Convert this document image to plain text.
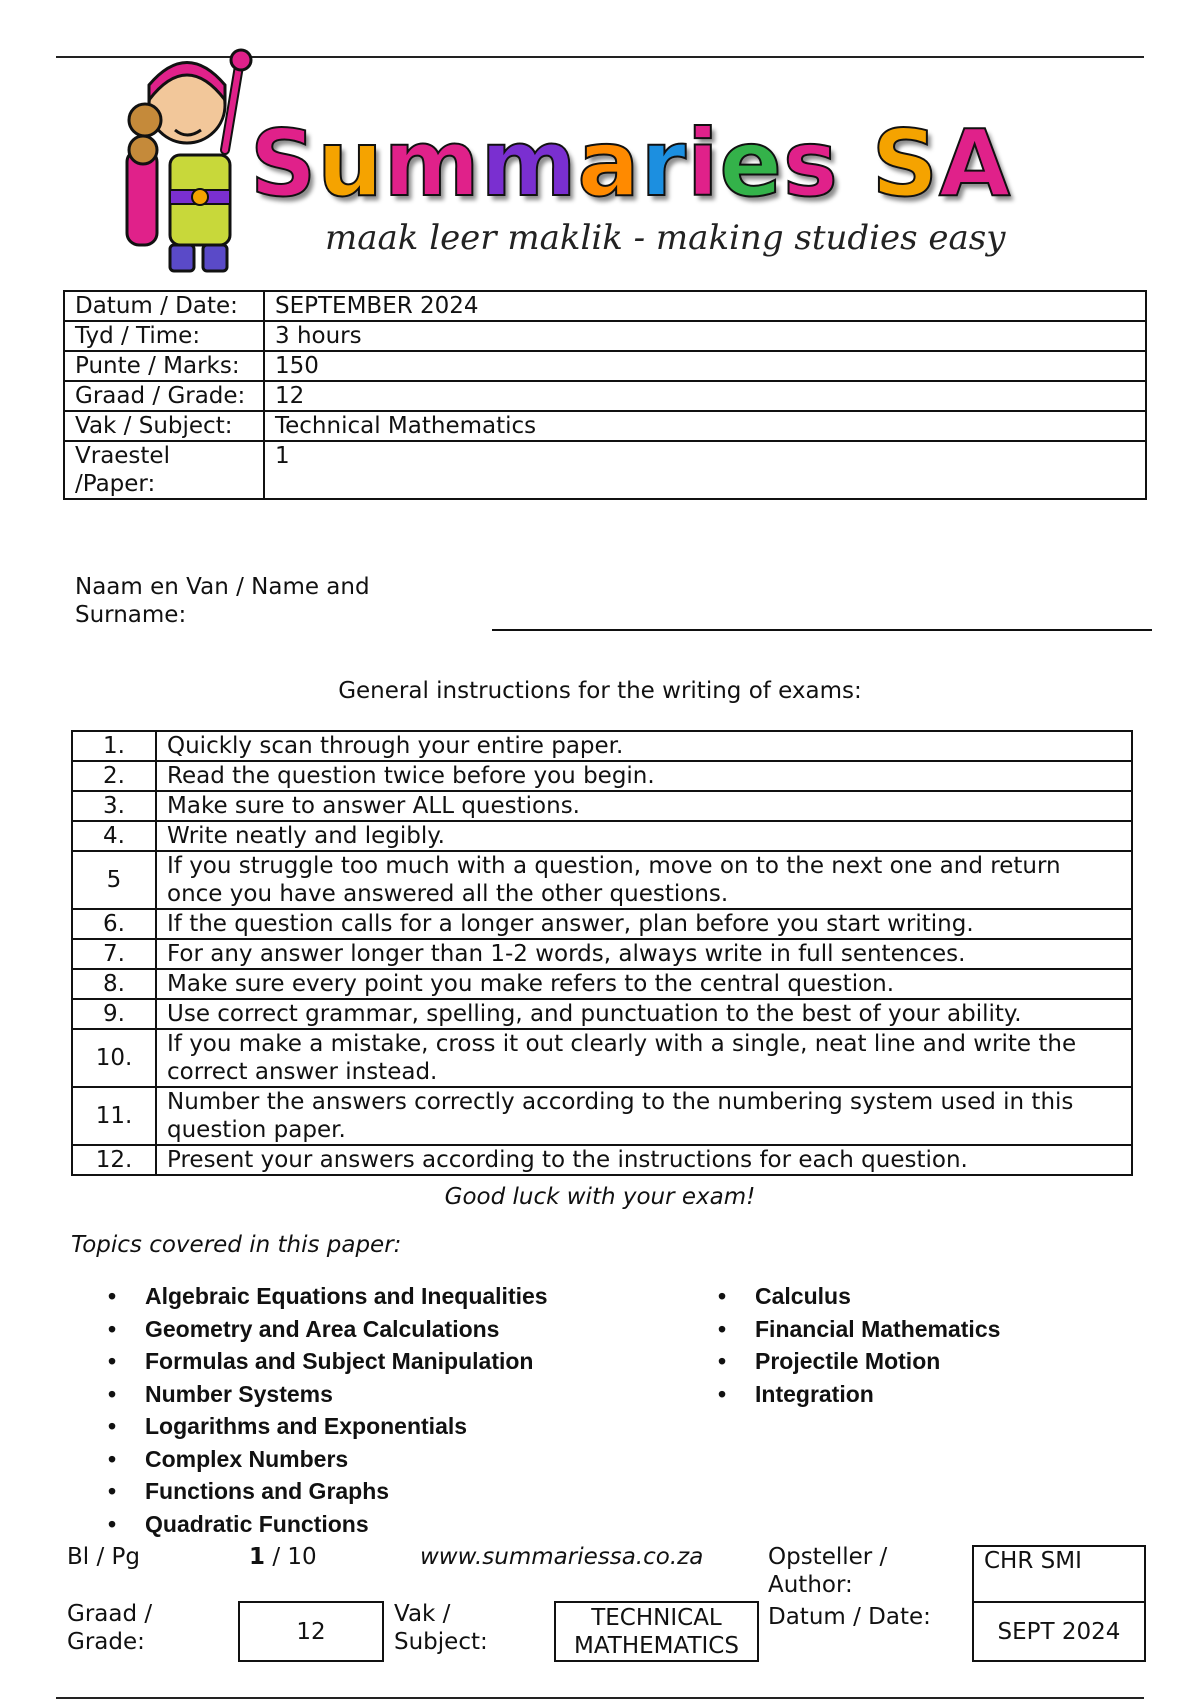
Summaries SA
maak leer maklik - making studies easy
Datum / Date:	SEPTEMBER 2024
Tyd / Time:	3 hours
Punte / Marks:	150
Graad / Grade:	12
Vak / Subject:	Technical Mathematics
Vraestel /Paper:	1
Naam en Van / Name and Surname:
General instructions for the writing of exams:
1.	Quickly scan through your entire paper.
2.	Read the question twice before you begin.
3.	Make sure to answer ALL questions.
4.	Write neatly and legibly.
5	If you struggle too much with a question, move on to the next one and return once you have answered all the other questions.
6.	If the question calls for a longer answer, plan before you start writing.
7.	For any answer longer than 1-2 words, always write in full sentences.
8.	Make sure every point you make refers to the central question.
9.	Use correct grammar, spelling, and punctuation to the best of your ability.
10.	If you make a mistake, cross it out clearly with a single, neat line and write the correct answer instead.
11.	Number the answers correctly according to the numbering system used in this question paper.
12.	Present your answers according to the instructions for each question.
Good luck with your exam!
Topics covered in this paper:
• Algebraic Equations and Inequalities
• Geometry and Area Calculations
• Formulas and Subject Manipulation
• Number Systems
• Logarithms and Exponentials
• Complex Numbers
• Functions and Graphs
• Quadratic Functions
• Calculus
• Financial Mathematics
• Projectile Motion
• Integration
Bl / Pg	1 / 10	www.summariessa.co.za	Opsteller / Author:
CHR SMI
Graad / Grade:	12
Vak / Subject:
TECHNICAL MATHEMATICS
Datum / Date:
SEPT 2024
